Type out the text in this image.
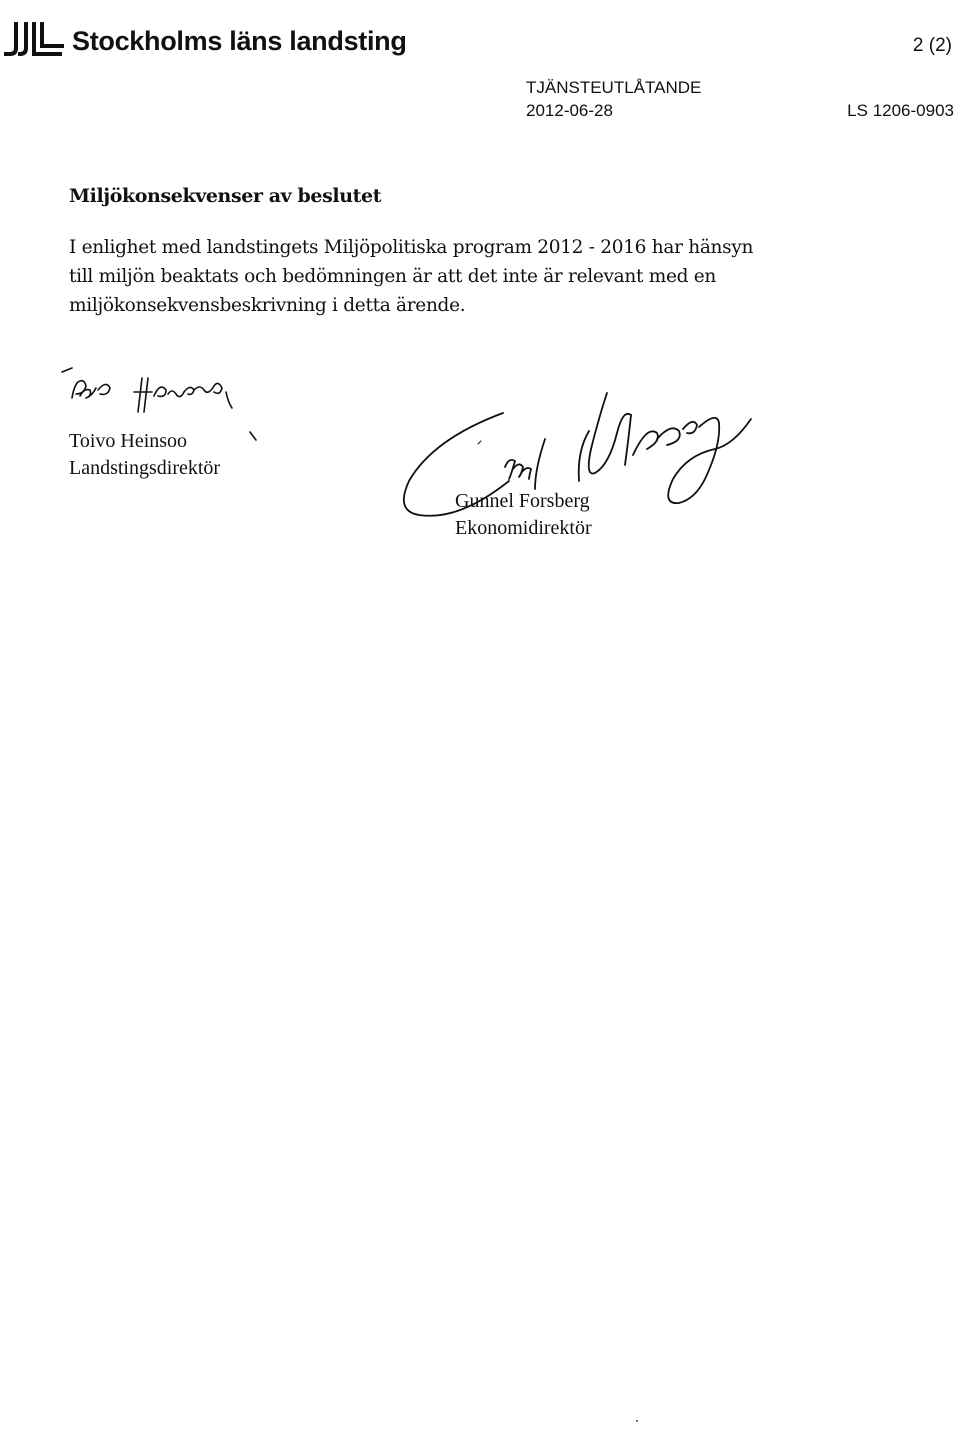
Stockholms läns landsting	2 (2)
TJÄNSTEUTLÅTANDE
2012-06-28	LS 1206-0903
Miljökonsekvenser av beslutet
I enlighet med landstingets Miljöpolitiska program 2012 - 2016 har hänsyn
till miljön beaktats och bedömningen är att det inte är relevant med en
miljökonsekvensbeskrivning i detta ärende.
Toivo Heinsoo
Landstingsdirektör
Gunnel Forsberg
Ekonomidirektör
